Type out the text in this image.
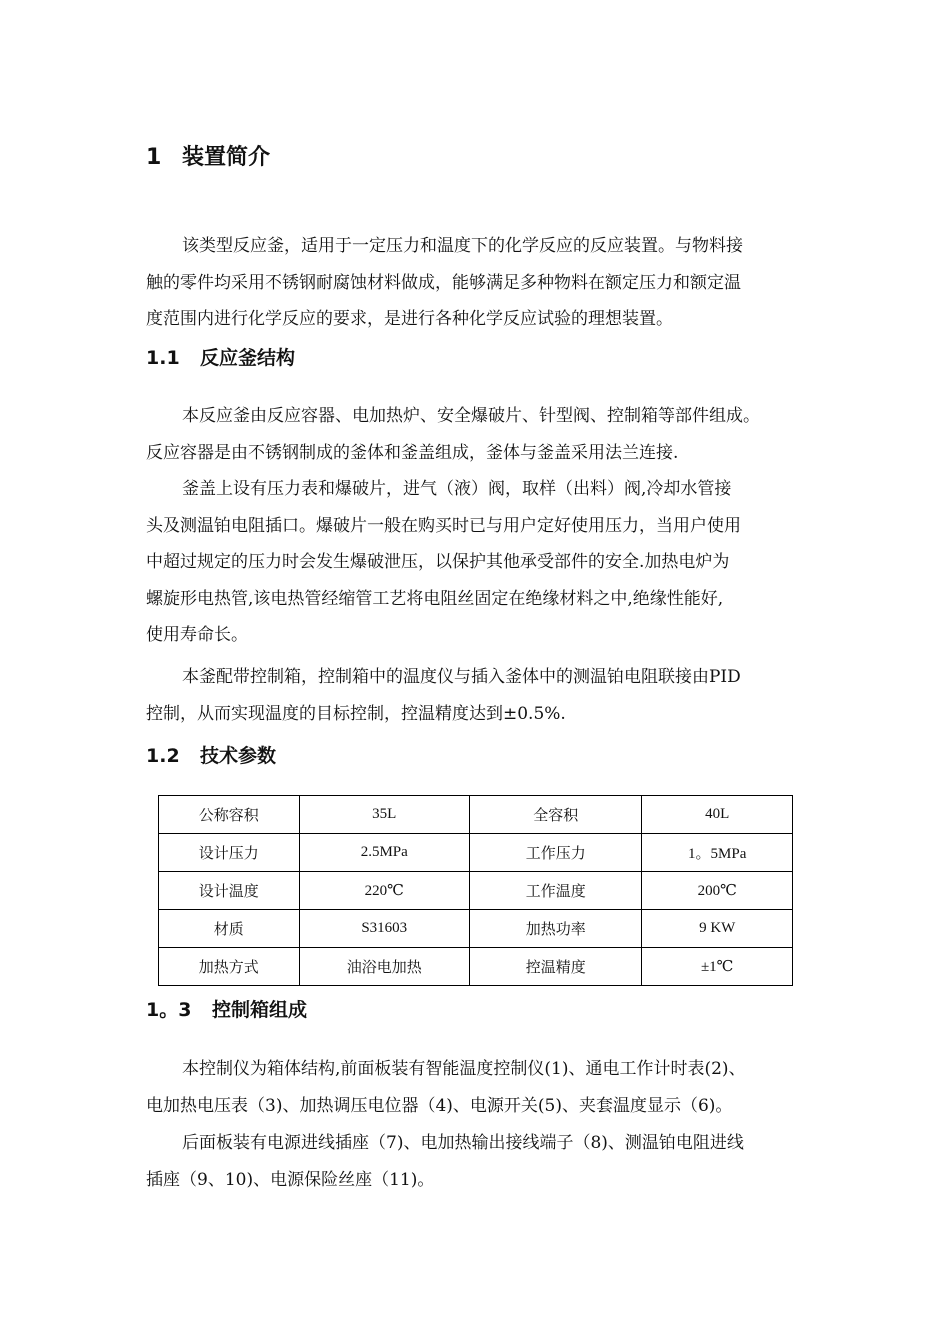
1 装置简介

该类型反应釜，适用于一定压力和温度下的化学反应的反应装置。与物料接
触的零件均采用不锈钢耐腐蚀材料做成，能够满足多种物料在额定压力和额定温
度范围内进行化学反应的要求，是进行各种化学反应试验的理想装置。

1.1 反应釜结构

本反应釜由反应容器、电加热炉、安全爆破片、针型阀、控制箱等部件组成。
反应容器是由不锈钢制成的釜体和釜盖组成，釜体与釜盖采用法兰连接.

釜盖上设有压力表和爆破片，进气（液）阀，取样（出料）阀,冷却水管接
头及测温铂电阻插口。爆破片一般在购买时已与用户定好使用压力，当用户使用
中超过规定的压力时会发生爆破泄压，以保护其他承受部件的安全.加热电炉为
螺旋形电热管,该电热管经缩管工艺将电阻丝固定在绝缘材料之中,绝缘性能好,
使用寿命长。

本釜配带控制箱，控制箱中的温度仪与插入釜体中的测温铂电阻联接由PID
控制，从而实现温度的目标控制，控温精度达到±0.5%.

1.2 技术参数
公称容积	35L	全容积	40L
设计压力	2.5MPa	工作压力	1。5MPa
设计温度	220℃	工作温度	200℃
材质	S31603	加热功率	9 KW
加热方式	油浴电加热	控温精度	±1℃
1。3 控制箱组成

本控制仪为箱体结构,前面板装有智能温度控制仪(1)、通电工作计时表(2)、
电加热电压表（3)、加热调压电位器（4)、电源开关(5)、夹套温度显示（6)。

后面板装有电源进线插座（7)、电加热输出接线端子（8)、测温铂电阻进线
插座（9、10)、电源保险丝座（11)。
